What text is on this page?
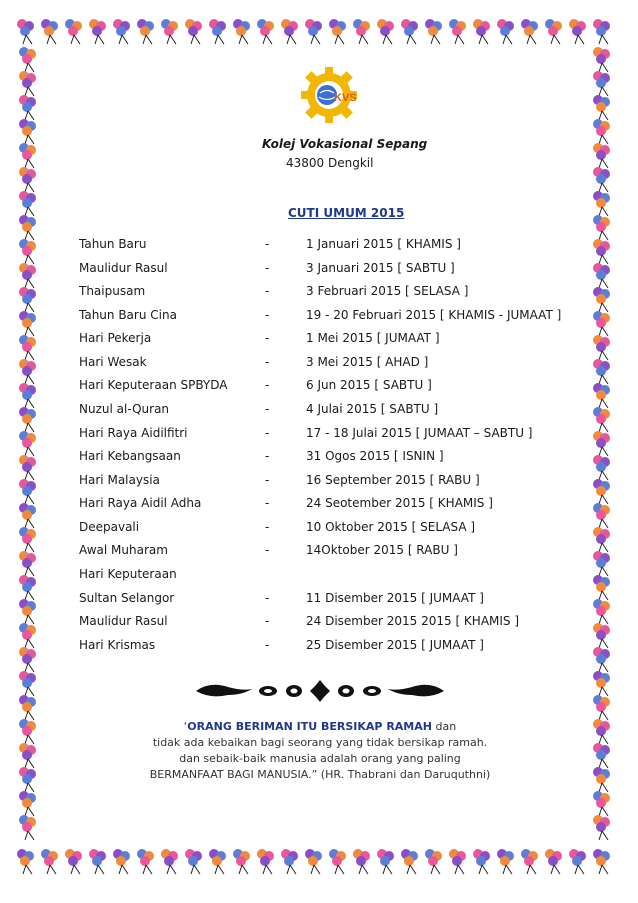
KVS
Kolej Vokasional Sepang
43800 Dengkil
CUTI UMUM 2015
Tahun Baru	-	1 Januari 2015 [ KHAMIS ]
Maulidur Rasul	-	3 Januari 2015 [ SABTU ]
Thaipusam	-	3 Februari 2015 [ SELASA ]
Tahun Baru Cina	-	19 - 20 Februari 2015 [ KHAMIS - JUMAAT ]
Hari Pekerja	-	1 Mei 2015 [ JUMAAT ]
Hari Wesak	-	3 Mei 2015 [ AHAD ]
Hari Keputeraan SPBYDA	-	6 Jun 2015 [ SABTU ]
Nuzul al-Quran	-	4 Julai 2015 [ SABTU ]
Hari Raya Aidilfitri	-	17 - 18 Julai 2015 [ JUMAAT – SABTU ]
Hari Kebangsaan	-	31 Ogos 2015 [ ISNIN ]
Hari Malaysia	-	16 September 2015 [ RABU ]
Hari Raya Aidil Adha	-	24 Seotember 2015 [ KHAMIS ]
Deepavali	-	10 Oktober 2015 [ SELASA ]
Awal Muharam	-	14Oktober 2015 [ RABU ]
Hari Keputeraan
Sultan Selangor	-	11 Disember 2015 [ JUMAAT ]
Maulidur Rasul	-	24 Disember 2015 2015 [ KHAMIS ]
Hari Krismas	-	25 Disember 2015 [ JUMAAT ]
‘ORANG BERIMAN ITU BERSIKAP RAMAH dan
tidak ada kebaikan bagi seorang yang tidak bersikap ramah.
dan sebaik-baik manusia adalah orang yang paling
BERMANFAAT BAGI MANUSIA.” (HR. Thabrani dan Daruquthni)
